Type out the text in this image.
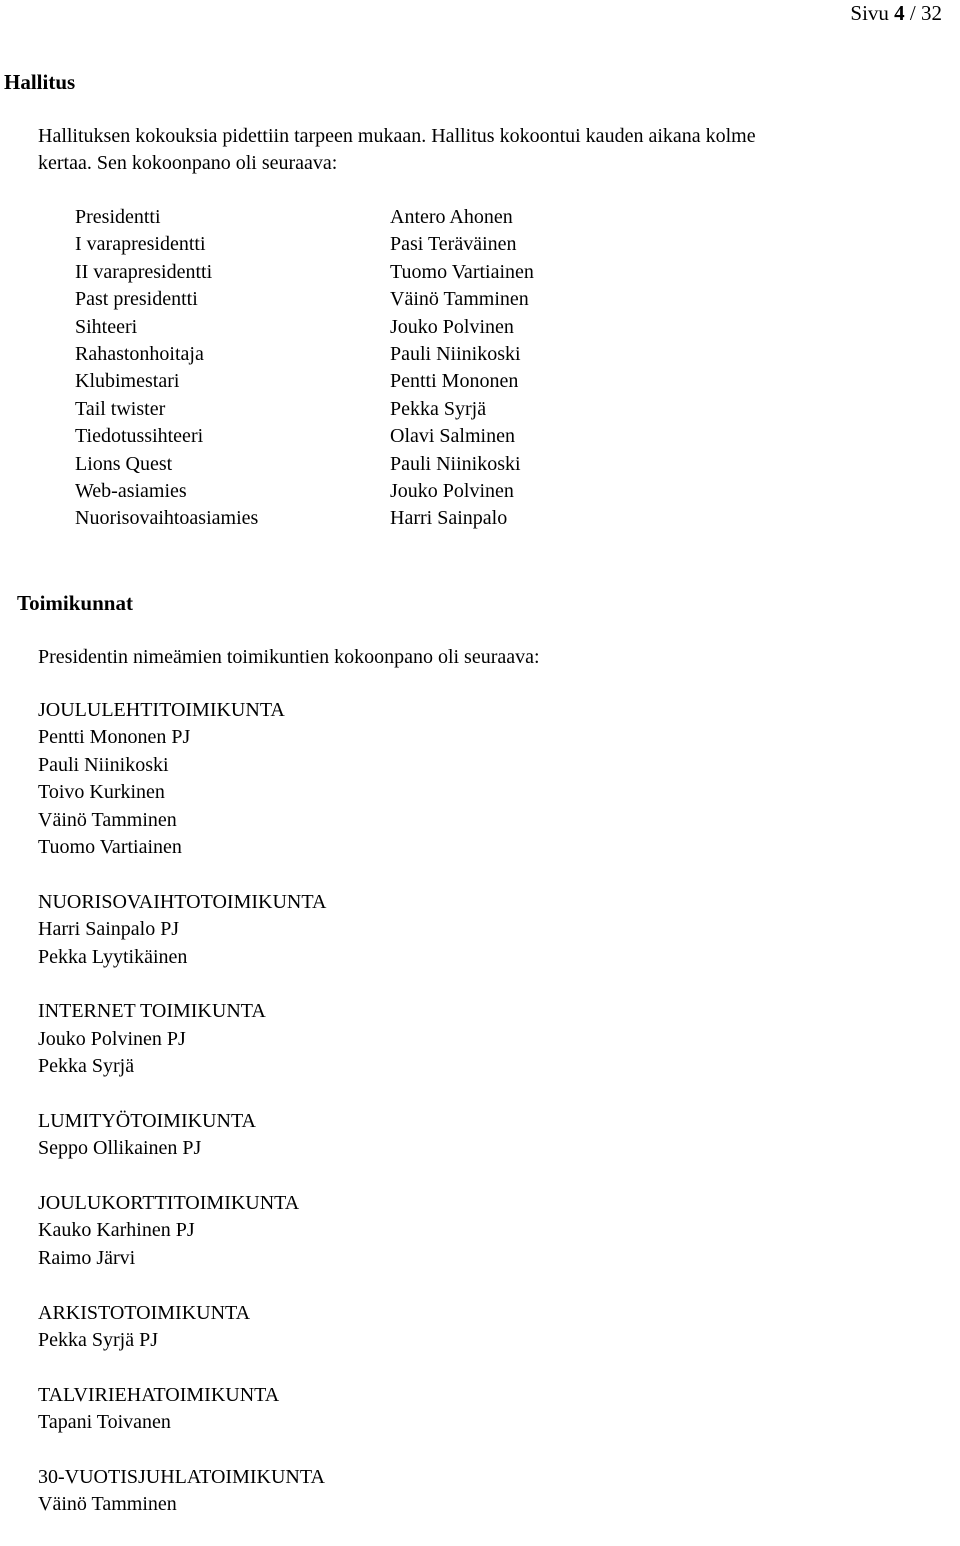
Sivu 4 / 32
Hallitus
Hallituksen kokouksia pidettiin tarpeen mukaan. Hallitus kokoontui kauden aikana kolme
kertaa. Sen kokoonpano oli seuraava:
Presidentti
I varapresidentti
II varapresidentti
Past presidentti
Sihteeri
Rahastonhoitaja
Klubimestari
Tail twister
Tiedotussihteeri
Lions Quest
Web-asiamies
Nuorisovaihtoasiamies
Antero Ahonen
Pasi Teräväinen
Tuomo Vartiainen
Väinö Tamminen
Jouko Polvinen
Pauli Niinikoski
Pentti Mononen
Pekka Syrjä
Olavi Salminen
Pauli Niinikoski
Jouko Polvinen
Harri Sainpalo
Toimikunnat
Presidentin nimeämien toimikuntien kokoonpano oli seuraava:
JOULULEHTITOIMIKUNTA
Pentti Mononen PJ
Pauli Niinikoski
Toivo Kurkinen
Väinö Tamminen
Tuomo Vartiainen
NUORISOVAIHTOTOIMIKUNTA
Harri Sainpalo PJ
Pekka Lyytikäinen
INTERNET TOIMIKUNTA
Jouko Polvinen PJ
Pekka Syrjä
LUMITYÖTOIMIKUNTA
Seppo Ollikainen PJ
JOULUKORTTITOIMIKUNTA
Kauko Karhinen PJ
Raimo Järvi
ARKISTOTOIMIKUNTA
Pekka Syrjä PJ
TALVIRIEHATOIMIKUNTA
Tapani Toivanen
30-VUOTISJUHLATOIMIKUNTA
Väinö Tamminen
